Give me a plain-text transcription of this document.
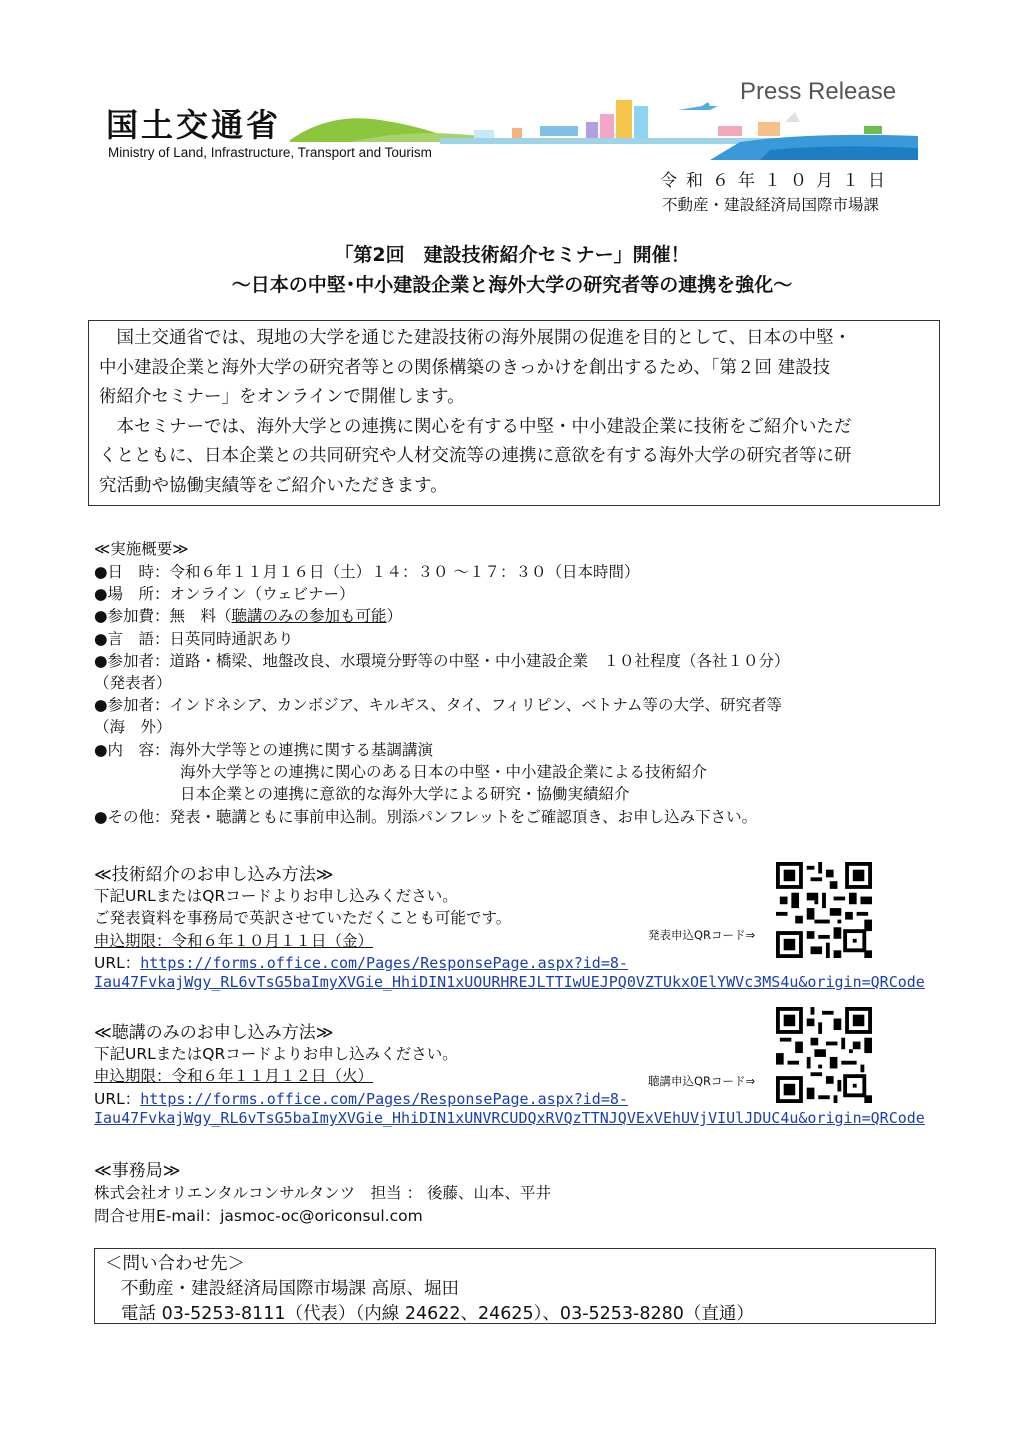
国土交通省
Ministry of Land, Infrastructure, Transport and Tourism
Press Release
令和６年１０月１日
不動産・建設経済局国際市場課
「第2回　建設技術紹介セミナー」開催！
～日本の中堅･中小建設企業と海外大学の研究者等の連携を強化～

　国土交通省では、現地の大学を通じた建設技術の海外展開の促進を目的として、日本の中堅・

中小建設企業と海外大学の研究者等との関係構築のきっかけを創出するため、「第２回 建設技

術紹介セミナー」をオンラインで開催します。

　本セミナーでは、海外大学との連携に関心を有する中堅・中小建設企業に技術をご紹介いただ

くとともに、日本企業との共同研究や人材交流等の連携に意欲を有する海外大学の研究者等に研

究活動や協働実績等をご紹介いただきます。

≪実施概要≫
●日　時：令和６年１１月１６日（土）１４：３０ ～１７：３０（日本時間）
●場　所：オンライン（ウェビナー）
●参加費：無　料（聴講のみの参加も可能）
●言　語：日英同時通訳あり
●参加者：道路・橋梁、地盤改良、水環境分野等の中堅・中小建設企業　１０社程度（各社１０分）
（発表者）
●参加者：インドネシア、カンボジア、キルギス、タイ、フィリピン、ベトナム等の大学、研究者等
（海　外）
●内　容：海外大学等との連携に関する基調講演
海外大学等との連携に関心のある日本の中堅・中小建設企業による技術紹介
日本企業との連携に意欲的な海外大学による研究・協働実績紹介
●その他：発表・聴講ともに事前申込制。別添パンフレットをご確認頂き、お申し込み下さい。
≪技術紹介のお申し込み方法≫
下記URLまたはQRコードよりお申し込みください。
ご発表資料を事務局で英訳させていただくことも可能です。
申込期限：令和６年１０月１１日（金）
URL：https://forms.office.com/Pages/ResponsePage.aspx?id=8-
Iau47FvkajWgy_RL6vTsG5baImyXVGie_HhiDIN1xUOURHREJLTTIwUEJPQ0VZTUkxOElYWVc3MS4u&origin=QRCode
発表申込QRコード⇒
≪聴講のみのお申し込み方法≫
下記URLまたはQRコードよりお申し込みください。
申込期限：令和６年１１月１２日（火）
URL：https://forms.office.com/Pages/ResponsePage.aspx?id=8-
Iau47FvkajWgy_RL6vTsG5baImyXVGie_HhiDIN1xUNVRCUDQxRVQzTTNJQVExVEhUVjVIUlJDUC4u&origin=QRCode
聴講申込QRコード⇒
≪事務局≫
株式会社オリエンタルコンサルタンツ　担当 ： 後藤、山本、平井
問合せ用E-mail：jasmoc-oc@oriconsul.com
＜問い合わせ先＞
不動産・建設経済局国際市場課 高原、堀田
電話 03-5253-8111（代表）（内線 24622、24625）、03-5253-8280（直通）
